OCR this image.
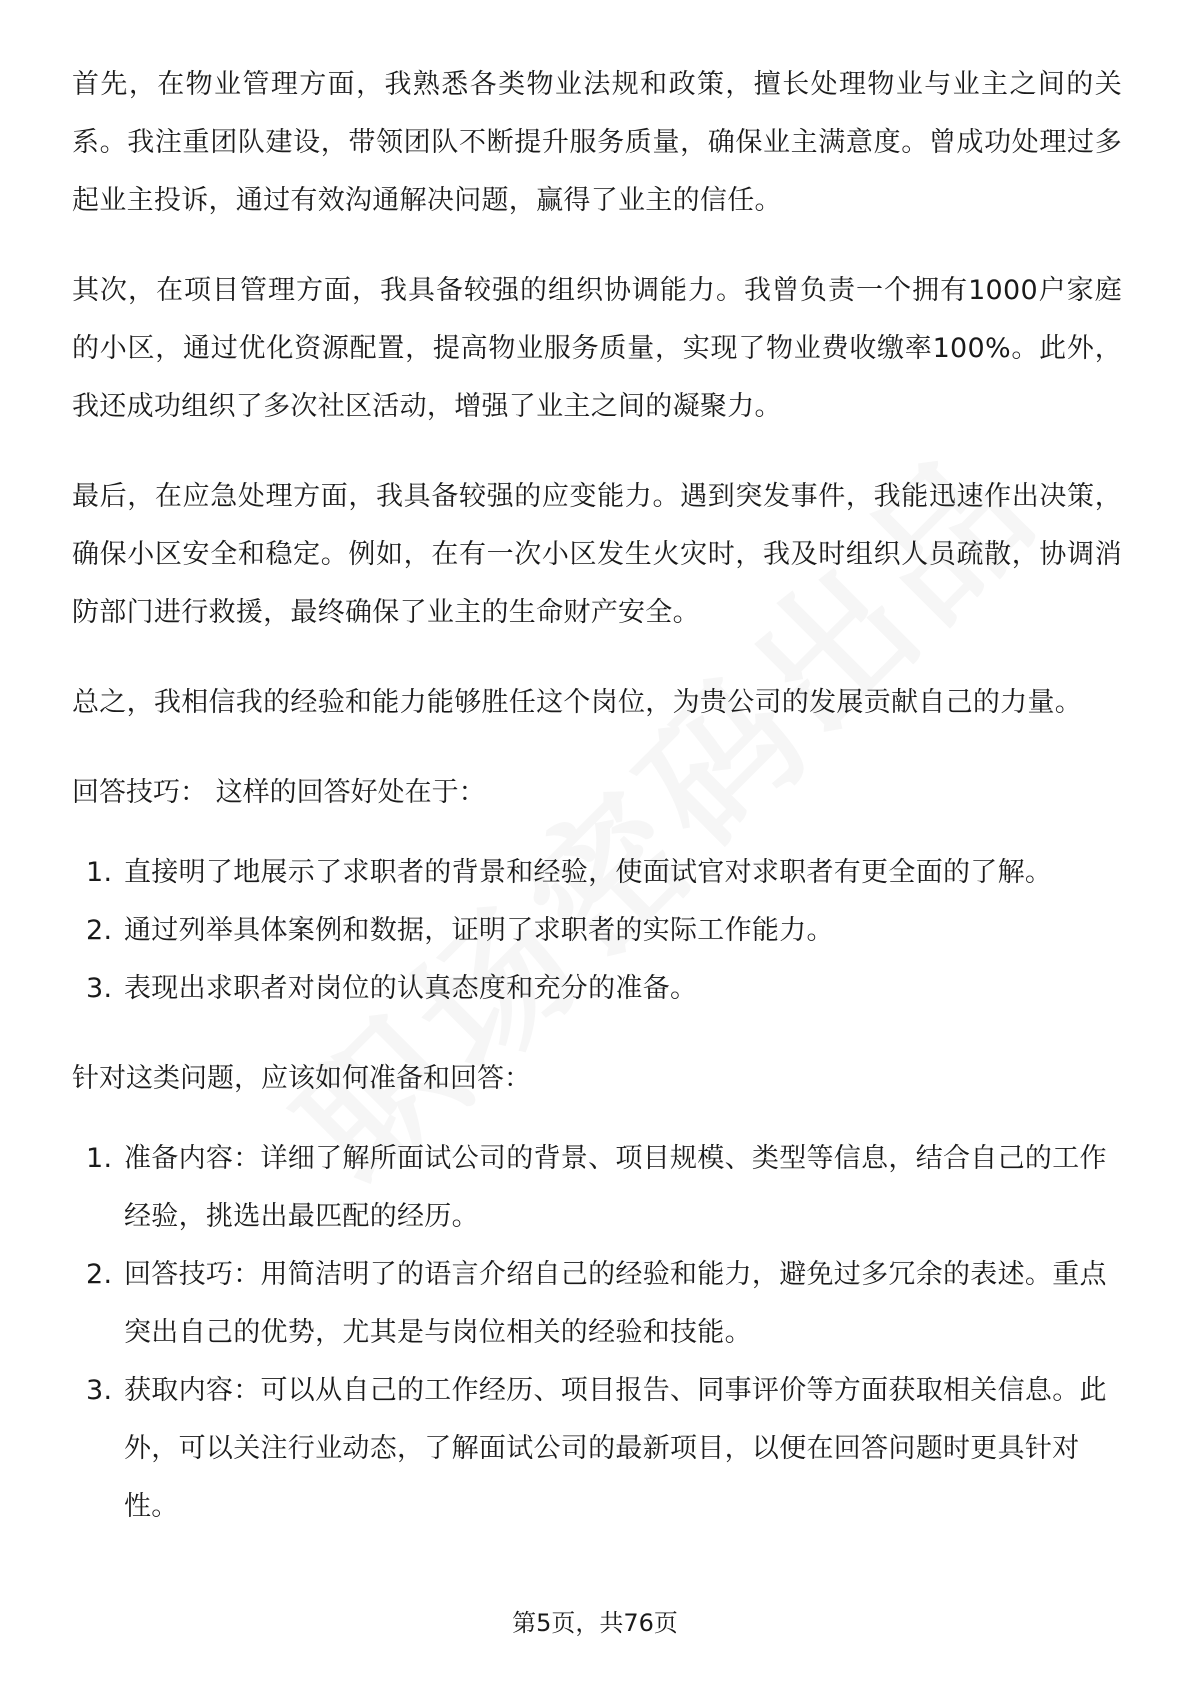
首先，在物业管理方面，我熟悉各类物业法规和政策，擅长处理物业与业主之间的关系。我注重团队建设，带领团队不断提升服务质量，确保业主满意度。曾成功处理过多起业主投诉，通过有效沟通解决问题，赢得了业主的信任。

其次，在项目管理方面，我具备较强的组织协调能力。我曾负责一个拥有1000户家庭的小区，通过优化资源配置，提高物业服务质量，实现了物业费收缴率100%。此外，我还成功组织了多次社区活动，增强了业主之间的凝聚力。

最后，在应急处理方面，我具备较强的应变能力。遇到突发事件，我能迅速作出决策，确保小区安全和稳定。例如，在有一次小区发生火灾时，我及时组织人员疏散，协调消防部门进行救援，最终确保了业主的生命财产安全。

总之，我相信我的经验和能力能够胜任这个岗位，为贵公司的发展贡献自己的力量。

回答技巧： 这样的回答好处在于：

1. 直接明了地展示了求职者的背景和经验，使面试官对求职者有更全面的了解。
2. 通过列举具体案例和数据，证明了求职者的实际工作能力。
3. 表现出求职者对岗位的认真态度和充分的准备。

针对这类问题，应该如何准备和回答：

1. 准备内容：详细了解所面试公司的背景、项目规模、类型等信息，结合自己的工作经验，挑选出最匹配的经历。
2. 回答技巧：用简洁明了的语言介绍自己的经验和能力，避免过多冗余的表述。重点突出自己的优势，尤其是与岗位相关的经验和技能。
3. 获取内容：可以从自己的工作经历、项目报告、同事评价等方面获取相关信息。此外，可以关注行业动态，了解面试公司的最新项目，以便在回答问题时更具针对性。
第5页，共76页
